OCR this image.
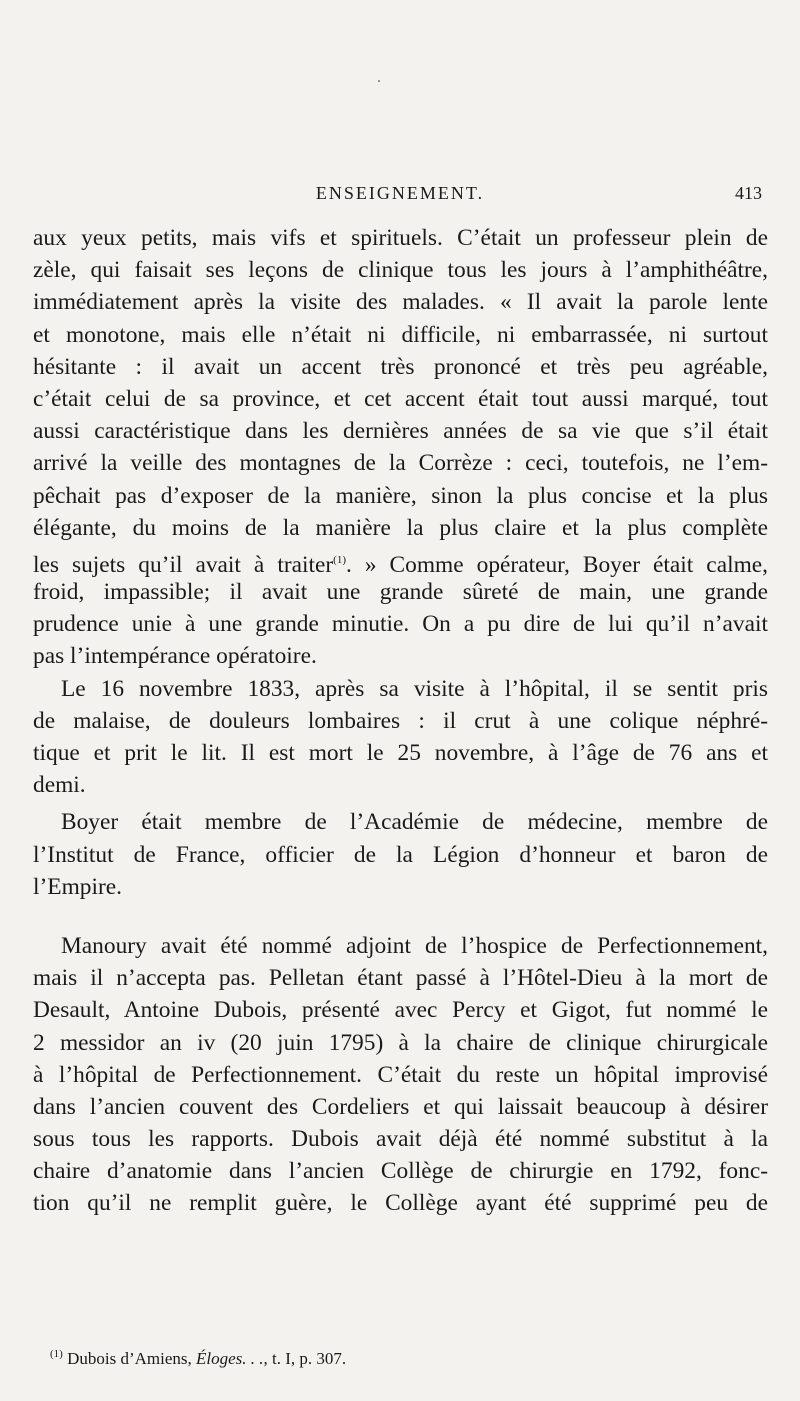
ENSEIGNEMENT.	413
aux yeux petits, mais vifs et spirituels. C’était un professeur plein de
zèle, qui faisait ses leçons de clinique tous les jours à l’amphithéâtre,
immédiatement après la visite des malades. « Il avait la parole lente
et monotone, mais elle n’était ni difficile, ni embarrassée, ni surtout
hésitante : il avait un accent très prononcé et très peu agréable,
c’était celui de sa province, et cet accent était tout aussi marqué, tout
aussi caractéristique dans les dernières années de sa vie que s’il était
arrivé la veille des montagnes de la Corrèze : ceci, toutefois, ne l’em-
pêchait pas d’exposer de la manière, sinon la plus concise et la plus
élégante, du moins de la manière la plus claire et la plus complète
les sujets qu’il avait à traiter$^{(1)}$. » Comme opérateur, Boyer était calme,
froid, impassible; il avait une grande sûreté de main, une grande
prudence unie à une grande minutie. On a pu dire de lui qu’il n’avait
pas l’intempérance opératoire.
Le 16 novembre 1833, après sa visite à l’hôpital, il se sentit pris
de malaise, de douleurs lombaires : il crut à une colique néphré-
tique et prit le lit. Il est mort le 25 novembre, à l’âge de 76 ans et
demi.
Boyer était membre de l’Académie de médecine, membre de
l’Institut de France, officier de la Légion d’honneur et baron de
l’Empire.
Manoury avait été nommé adjoint de l’hospice de Perfectionnement,
mais il n’accepta pas. Pelletan étant passé à l’Hôtel-Dieu à la mort de
Desault, Antoine Dubois, présenté avec Percy et Gigot, fut nommé le
2 messidor an iv (20 juin 1795) à la chaire de clinique chirurgicale
à l’hôpital de Perfectionnement. C’était du reste un hôpital improvisé
dans l’ancien couvent des Cordeliers et qui laissait beaucoup à désirer
sous tous les rapports. Dubois avait déjà été nommé substitut à la
chaire d’anatomie dans l’ancien Collège de chirurgie en 1792, fonc-
tion qu’il ne remplit guère, le Collège ayant été supprimé peu de
$^{(1)}$ Dubois d’Amiens, Éloges. . ., t. I, p. 307.
